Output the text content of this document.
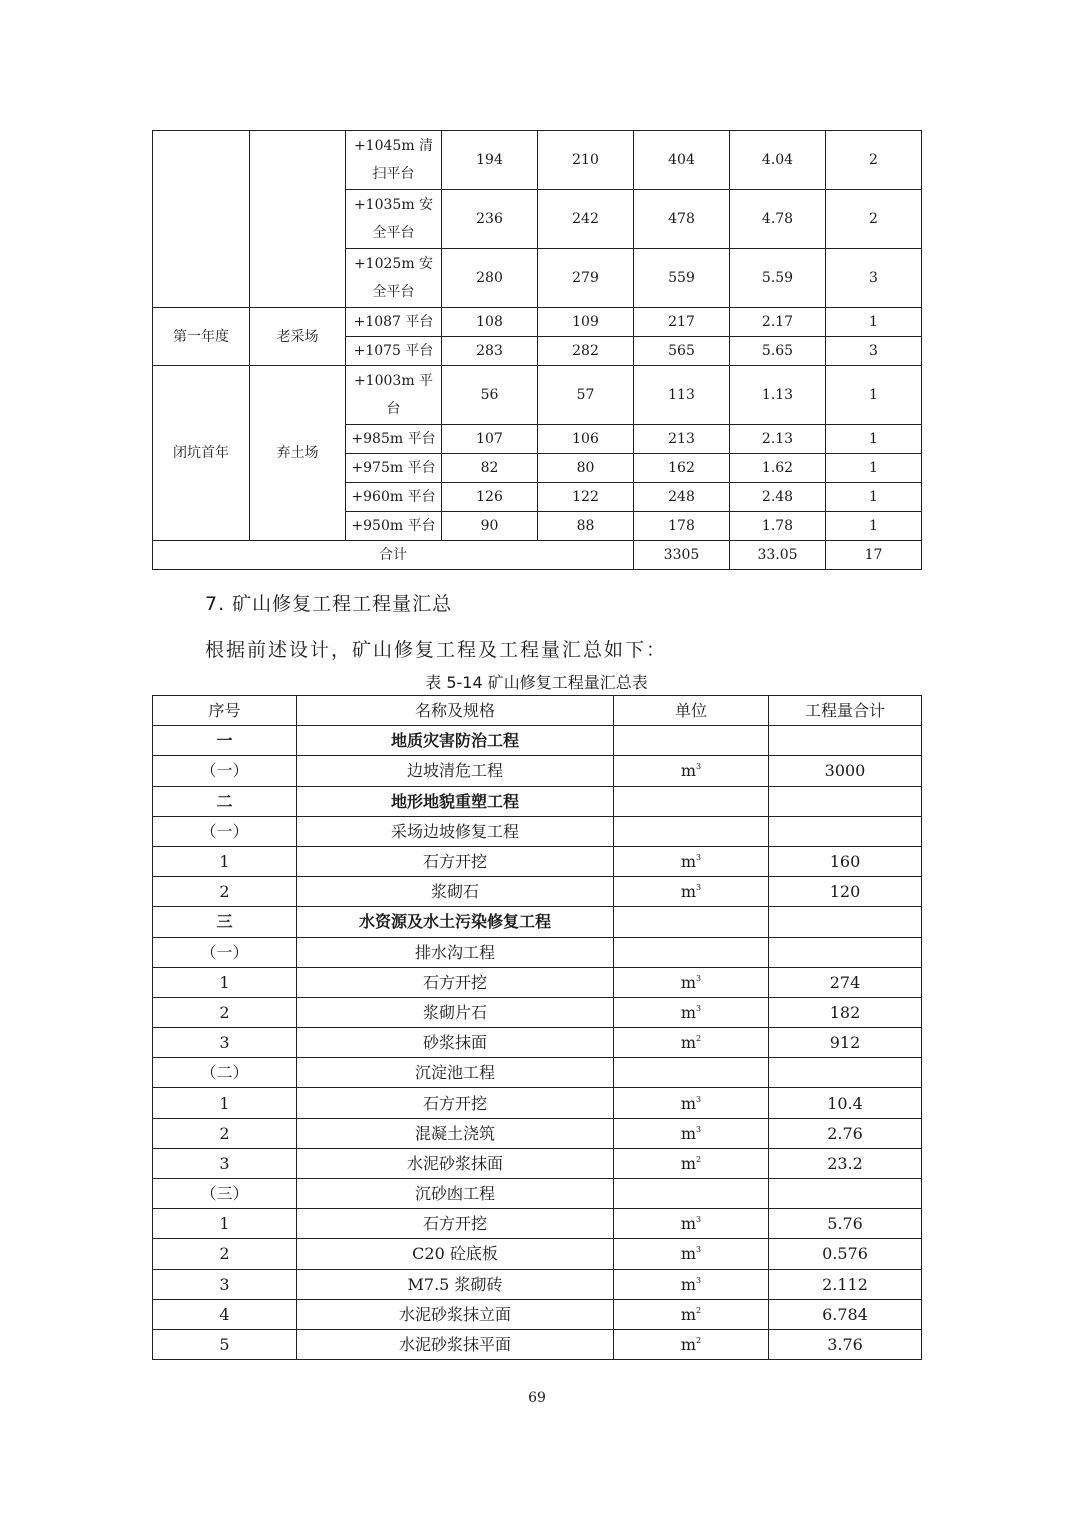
		+1045m 清扫平台	194	210	404	4.04	2
		+1035m 安全平台	236	242	478	4.78	2
		+1025m 安全平台	280	279	559	5.59	3
第一年度	老采场	+1087 平台	108	109	217	2.17	1
		+1075 平台	283	282	565	5.65	3
闭坑首年	弃土场	+1003m 平台	56	57	113	1.13	1
		+985m 平台	107	106	213	2.13	1
		+975m 平台	82	80	162	1.62	1
		+960m 平台	126	122	248	2.48	1
		+950m 平台	90	88	178	1.78	1
合计					3305	33.05	17
7. 矿山修复工程工程量汇总
根据前述设计，矿山修复工程及工程量汇总如下：
表 5-14 矿山修复工程量汇总表
序号	名称及规格	单位	工程量合计
一	地质灾害防治工程		
（一）	边坡清危工程	$m^3$	3000
二	地形地貌重塑工程		
（一）	采场边坡修复工程		
1	石方开挖	$m^3$	160
2	浆砌石	$m^3$	120
三	水资源及水土污染修复工程		
（一）	排水沟工程		
1	石方开挖	$m^3$	274
2	浆砌片石	$m^3$	182
3	砂浆抹面	$m^2$	912
（二）	沉淀池工程		
1	石方开挖	$m^3$	10.4
2	混凝土浇筑	$m^3$	2.76
3	水泥砂浆抹面	$m^2$	23.2
（三）	沉砂凼工程		
1	石方开挖	$m^3$	5.76
2	C20 砼底板	$m^3$	0.576
3	M7.5 浆砌砖	$m^3$	2.112
4	水泥砂浆抹立面	$m^2$	6.784
5	水泥砂浆抹平面	$m^2$	3.76
69
